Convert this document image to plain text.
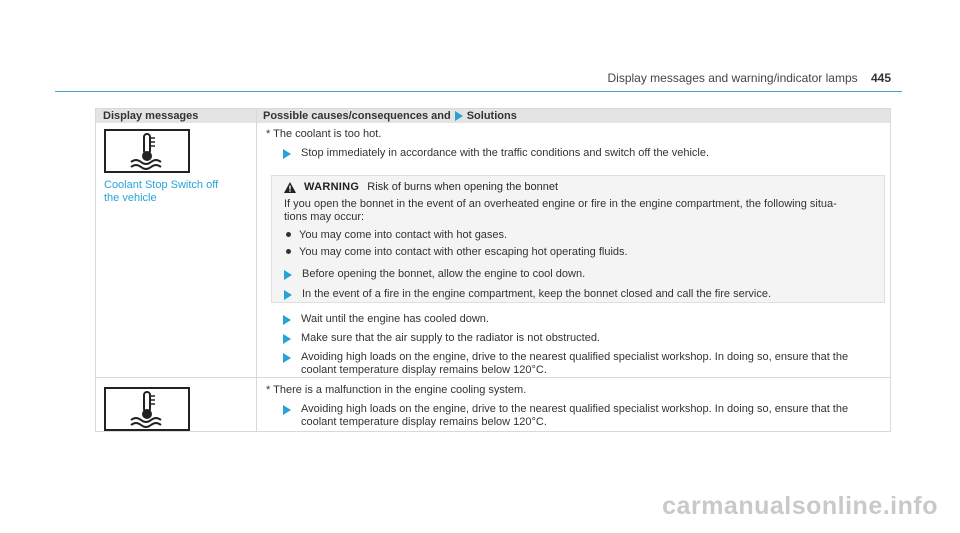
Display messages and warning/indicator lamps 445
Display messages	Possible causes/consequences and Solutions
Coolant Stop Switch off
the vehicle
* The coolant is too hot.
Stop immediately in accordance with the traffic conditions and switch off the vehicle.
WARNING Risk of burns when opening the bonnet
If you open the bonnet in the event of an overheated engine or fire in the engine compartment, the following situa-
tions may occur:
You may come into contact with hot gases.
You may come into contact with other escaping hot operating fluids.
Before opening the bonnet, allow the engine to cool down.
In the event of a fire in the engine compartment, keep the bonnet closed and call the fire service.
Wait until the engine has cooled down.
Make sure that the air supply to the radiator is not obstructed.
Avoiding high loads on the engine, drive to the nearest qualified specialist workshop. In doing so, ensure that the
coolant temperature display remains below 120°C.
* There is a malfunction in the engine cooling system.
Avoiding high loads on the engine, drive to the nearest qualified specialist workshop. In doing so, ensure that the
coolant temperature display remains below 120°C.
carmanualsonline.info
